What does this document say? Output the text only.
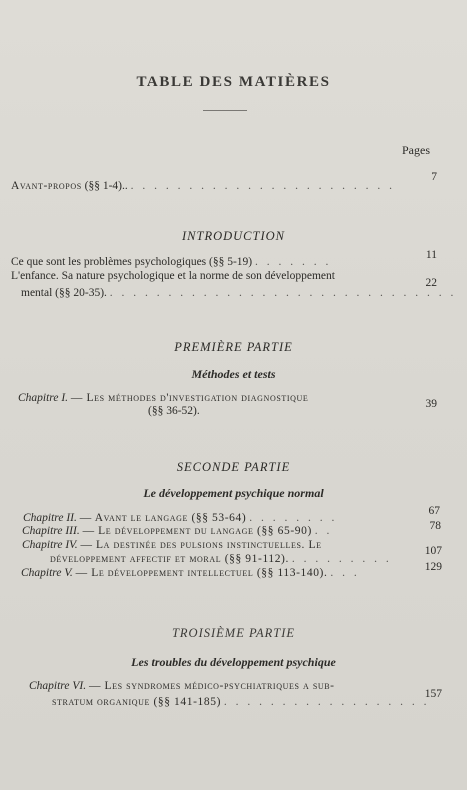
TABLE DES MATIÈRES
Pages
Avant-propos (§§ 1-4).. . . . . . . . . . . . . . . . . . . . . . . .
7
INTRODUCTION
Ce que sont les problèmes psychologiques (§§ 5-19) . . . . . . .
11
L'enfance. Sa nature psychologique et la norme de son développement
mental (§§ 20-35). . . . . . . . . . . . . . . . . . . . . . . . . . . . . . .
22
PREMIÈRE PARTIE
Méthodes et tests
Chapitre I. — Les méthodes d'investigation diagnostique
(§§ 36-52).
39
SECONDE PARTIE
Le développement psychique normal
Chapitre II. — Avant le langage (§§ 53-64) . . . . . . . .
67
Chapitre III. — Le développement du langage (§§ 65-90) . .	78
Chapitre IV. — La destinée des pulsions instinctuelles. Le
développement affectif et moral (§§ 91-112). . . . . . . . . .
107
Chapitre V. — Le développement intellectuel (§§ 113-140). . . .	129
TROISIÈME PARTIE
Les troubles du développement psychique
Chapitre VI. — Les syndromes médico-psychiatriques a sub-
stratum organique (§§ 141-185) . . . . . . . . . . . . . . . . . .
157
